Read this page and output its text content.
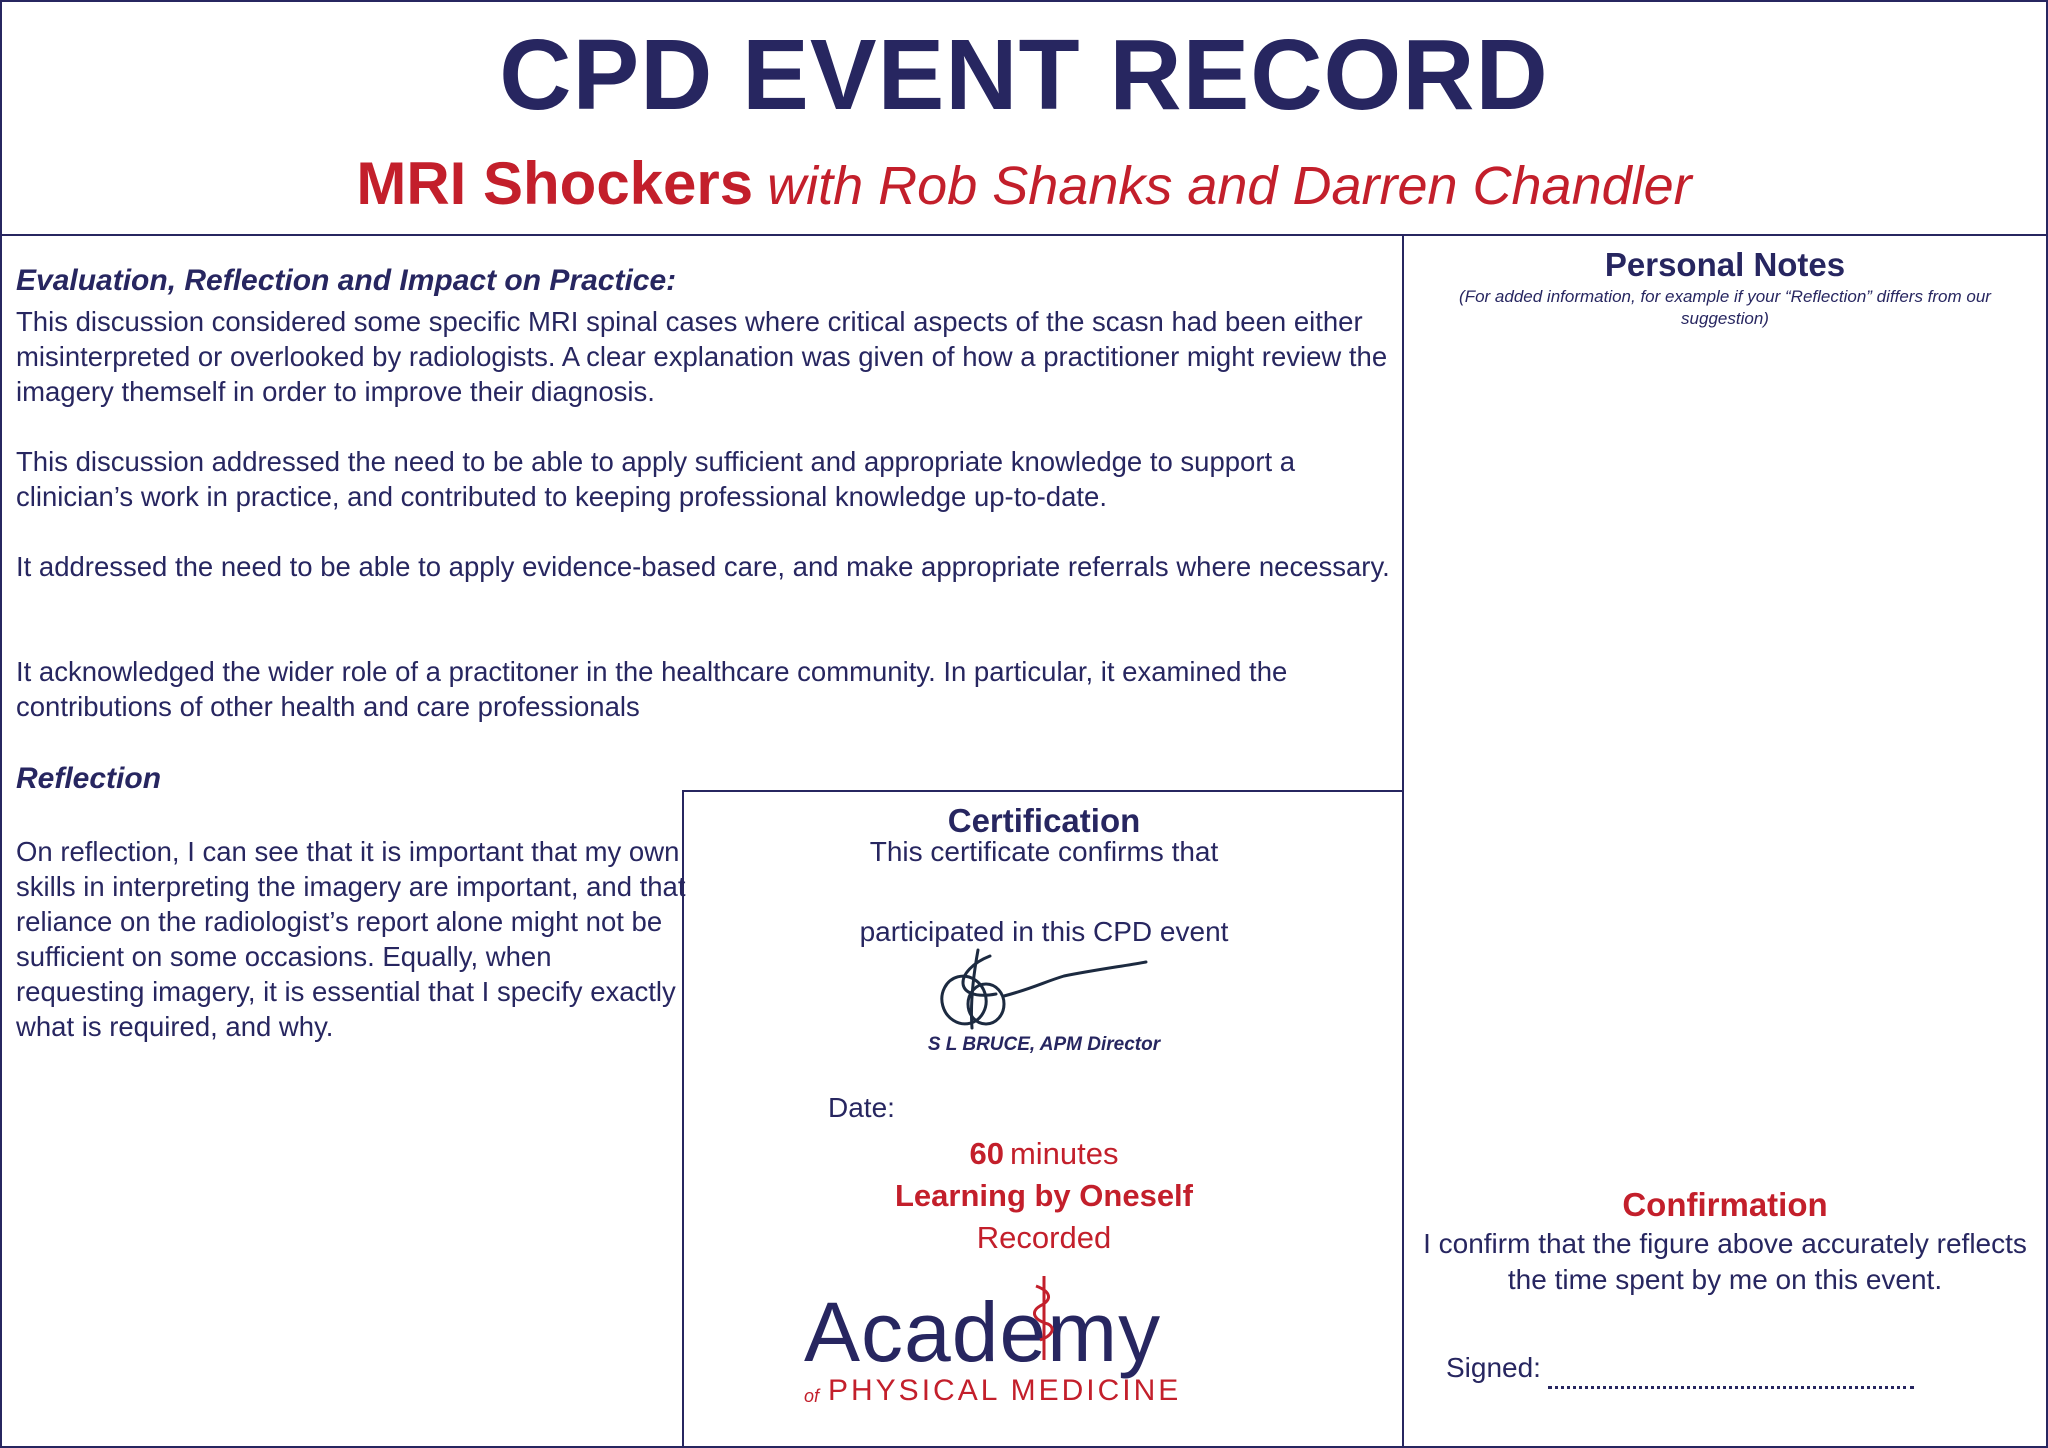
CPD EVENT RECORD
MRI Shockers with Rob Shanks and Darren Chandler
Evaluation, Reflection and Impact on Practice:
This discussion considered some specific MRI spinal cases where critical aspects of the scasn had been either misinterpreted or overlooked by radiologists. A clear explanation was given of how a practitioner might review the imagery themself in order to improve their diagnosis.
This discussion addressed the need to be able to apply sufficient and appropriate knowledge to support a clinician’s work in practice, and contributed to keeping professional knowledge up-to-date.
It addressed the need to be able to apply evidence-based care, and make appropriate referrals where necessary.
It acknowledged the wider role of a practitoner in the healthcare community. In particular, it examined the contributions of other health and care professionals
Reflection
On reflection, I can see that it is important that my own skills in interpreting the imagery are important, and that reliance on the radiologist’s report alone might not be sufficient on some occasions. Equally, when requesting imagery, it is essential that I specify exactly what is required, and why.
Certification
This certificate confirms that
participated in this CPD event
S L BRUCE, APM Director
Date:
60 minutes
Learning by Oneself
Recorded
Academy
of PHYSICAL MEDICINE
Personal Notes
(For added information, for example if your “Reflection” differs from our suggestion)
Confirmation
I confirm that the figure above accurately reflects the time spent by me on this event.
Signed:
